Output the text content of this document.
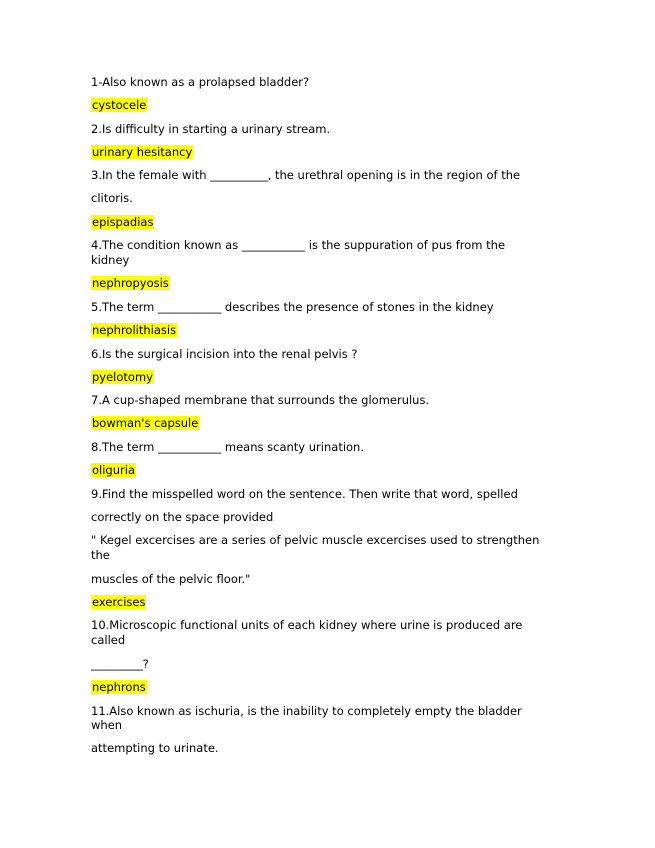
1-Also known as a prolapsed bladder?
cystocele
2.Is difficulty in starting a urinary stream.
urinary hesitancy
3.In the female with __________, the urethral opening is in the region of the
clitoris.
epispadias
4.The condition known as ___________ is the suppuration of pus from the
kidney
nephropyosis
5.The term ___________ describes the presence of stones in the kidney
nephrolithiasis
6.Is the surgical incision into the renal pelvis ?
pyelotomy
7.A cup-shaped membrane that surrounds the glomerulus.
bowman's capsule
8.The term ___________ means scanty urination.
oliguria
9.Find the misspelled word on the sentence. Then write that word, spelled
correctly on the space provided
" Kegel excercises are a series of pelvic muscle excercises used to strengthen
the
muscles of the pelvic floor."
exercises
10.Microscopic functional units of each kidney where urine is produced are
called
_________?
nephrons
11.Also known as ischuria, is the inability to completely empty the bladder
when
attempting to urinate.
